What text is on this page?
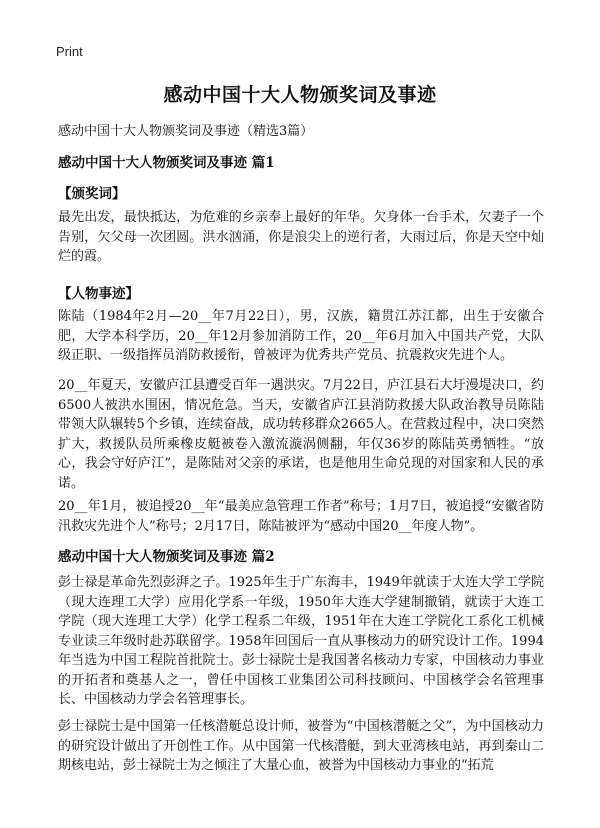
Print
感动中国十大人物颁奖词及事迹
感动中国十大人物颁奖词及事迹（精选3篇）

感动中国十大人物颁奖词及事迹 篇1

【颁奖词】

最先出发，最快抵达，为危难的乡亲奉上最好的年华。欠身体一台手术，欠妻子一个告别，欠父母一次团圆。洪水汹涌，你是浪尖上的逆行者，大雨过后，你是天空中灿烂的霞。

【人物事迹】

陈陆（1984年2月—20__年7月22日），男，汉族，籍贯江苏江都，出生于安徽合肥，大学本科学历，20__年12月参加消防工作，20__年6月加入中国共产党，大队级正职、一级指挥员消防救援衔，曾被评为优秀共产党员、抗震救灾先进个人。

20__年夏天，安徽庐江县遭受百年一遇洪灾。7月22日，庐江县石大圩漫堤决口，约6500人被洪水围困，情况危急。当天，安徽省庐江县消防救援大队政治教导员陈陆带领大队辗转5个乡镇，连续奋战，成功转移群众2665人。在营救过程中，决口突然扩大，救援队员所乘橡皮艇被卷入激流漩涡侧翻，年仅36岁的陈陆英勇牺牲。“放心，我会守好庐江”，是陈陆对父亲的承诺，也是他用生命兑现的对国家和人民的承诺。

20__年1月，被追授20__年“最美应急管理工作者”称号；1月7日，被追授“安徽省防汛救灾先进个人”称号；2月17日，陈陆被评为“感动中国20__年度人物”。

感动中国十大人物颁奖词及事迹 篇2

彭士禄是革命先烈彭湃之子。1925年生于广东海丰，1949年就读于大连大学工学院（现大连理工大学）应用化学系一年级，1950年大连大学建制撤销，就读于大连工学院（现大连理工大学）化学工程系二年级，1951年在大连工学院化工系化工机械专业读三年级时赴苏联留学。1958年回国后一直从事核动力的研究设计工作。1994年当选为中国工程院首批院士。彭士禄院士是我国著名核动力专家，中国核动力事业的开拓者和奠基人之一，曾任中国核工业集团公司科技顾问、中国核学会名管理事长、中国核动力学会名管理事长。

彭士禄院士是中国第一任核潜艇总设计师，被誉为“中国核潜艇之父”，为中国核动力的研究设计做出了开创性工作。从中国第一代核潜艇，到大亚湾核电站，再到秦山二期核电站，彭士禄院士为之倾注了大量心血，被誉为中国核动力事业的“拓荒
